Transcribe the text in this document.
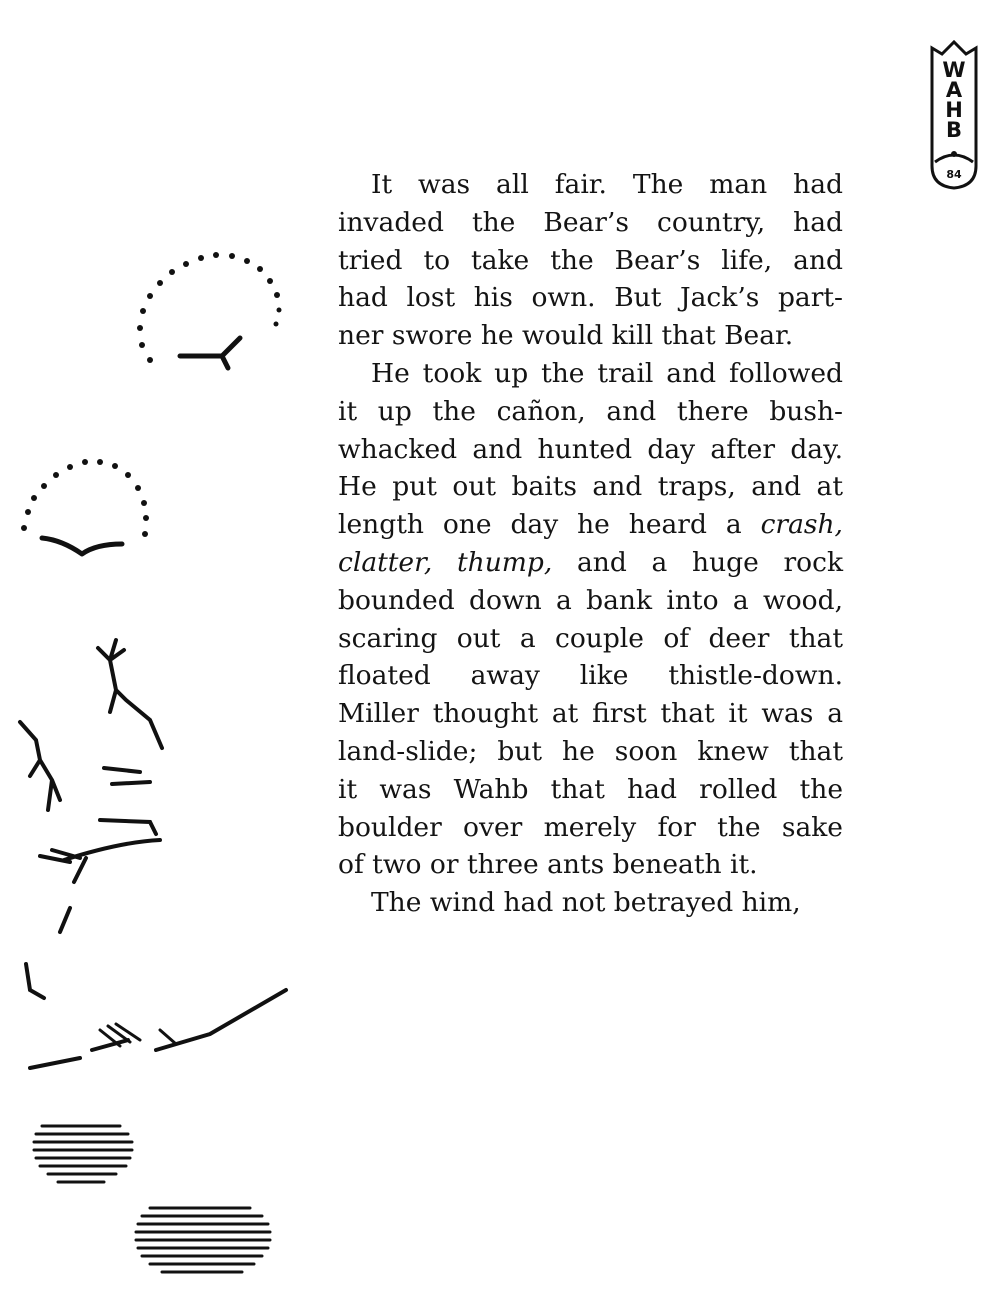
W
A
H
B
84
It was all fair. The man had
invaded the Bear’s country, had
tried to take the Bear’s life, and
had lost his own. But Jack’s part-
ner swore he would kill that Bear.
He took up the trail and followed
it up the cañon, and there bush-
whacked and hunted day after day.
He put out baits and traps, and at
length one day he heard a crash,
clatter, thump, and a huge rock
bounded down a bank into a wood,
scaring out a couple of deer that
floated away like thistle-down.
Miller thought at first that it was a
land-slide; but he soon knew that
it was Wahb that had rolled the
boulder over merely for the sake
of two or three ants beneath it.
The wind had not betrayed him,
